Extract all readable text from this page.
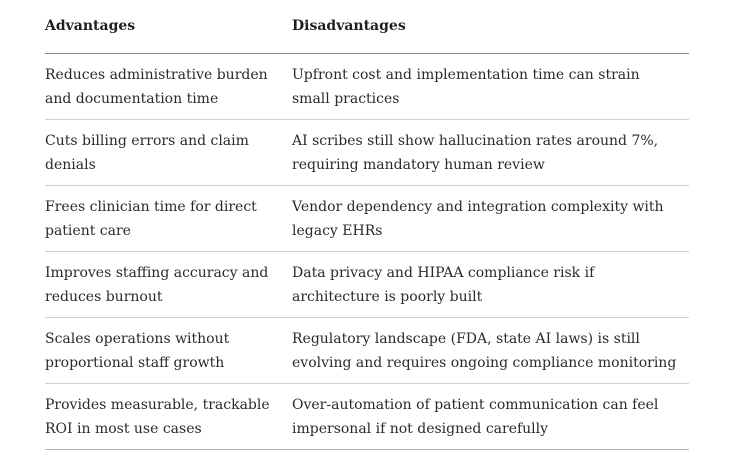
Advantages	Disadvantages
Reduces administrative burden and documentation time	Upfront cost and implementation time can strain small practices
Cuts billing errors and claim denials	AI scribes still show hallucination rates around 7%, requiring mandatory human review
Frees clinician time for direct patient care	Vendor dependency and integration complexity with legacy EHRs
Improves staffing accuracy and reduces burnout	Data privacy and HIPAA compliance risk if architecture is poorly built
Scales operations without proportional staff growth	Regulatory landscape (FDA, state AI laws) is still evolving and requires ongoing compliance monitoring
Provides measurable, trackable ROI in most use cases	Over-automation of patient communication can feel impersonal if not designed carefully
